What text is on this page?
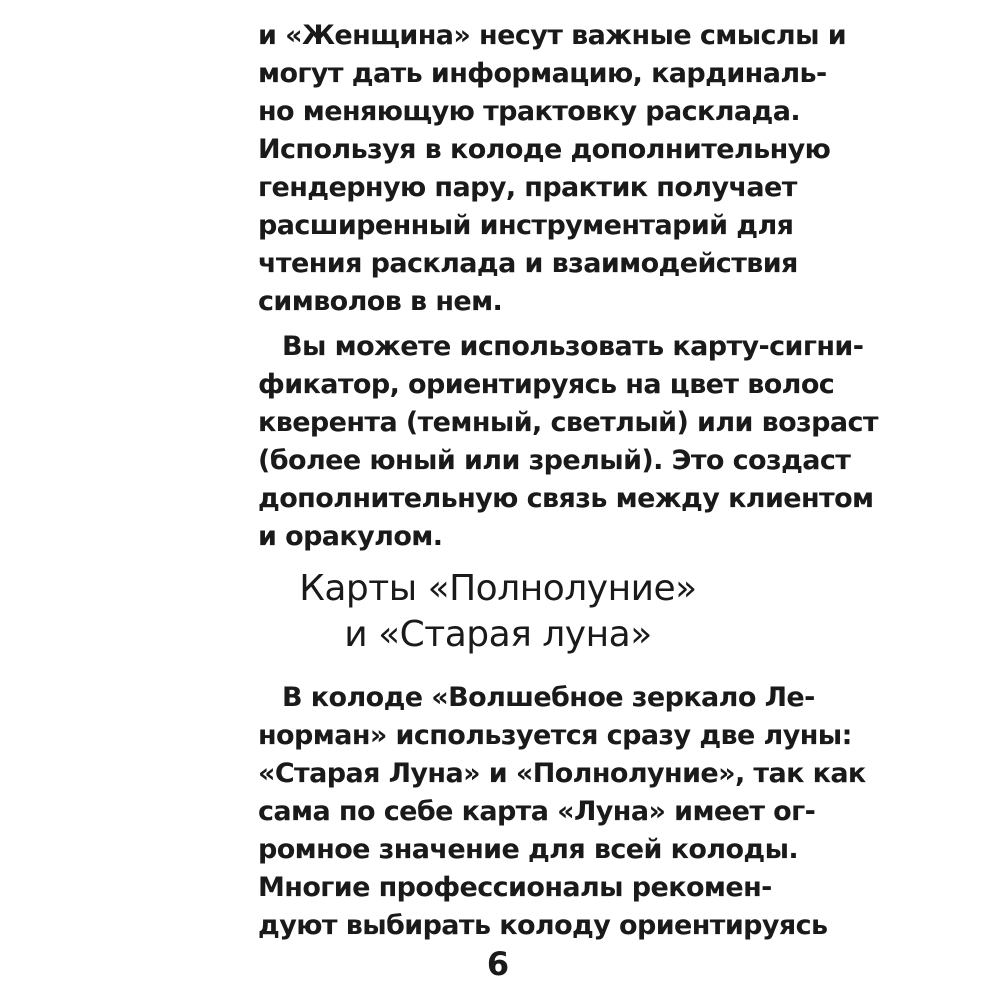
и «Женщина» несут важные смыслы и
могут дать информацию, кардиналь-
но меняющую трактовку расклада.
Используя в колоде дополнительную
гендерную пару, практик получает
расширенный инструментарий для
чтения расклада и взаимодействия
символов в нем.
Вы можете использовать карту-сигни-
фикатор, ориентируясь на цвет волос
кверента (темный, светлый) или возраст
(более юный или зрелый). Это создаст
дополнительную связь между клиентом
и оракулом.
Карты «Полнолуние»
и «Старая луна»
В колоде «Волшебное зеркало Ле-
норман» используется сразу две луны:
«Старая Луна» и «Полнолуние», так как
сама по себе карта «Луна» имеет ог-
ромное значение для всей колоды.
Многие профессионалы рекомен-
дуют выбирать колоду ориентируясь
6
